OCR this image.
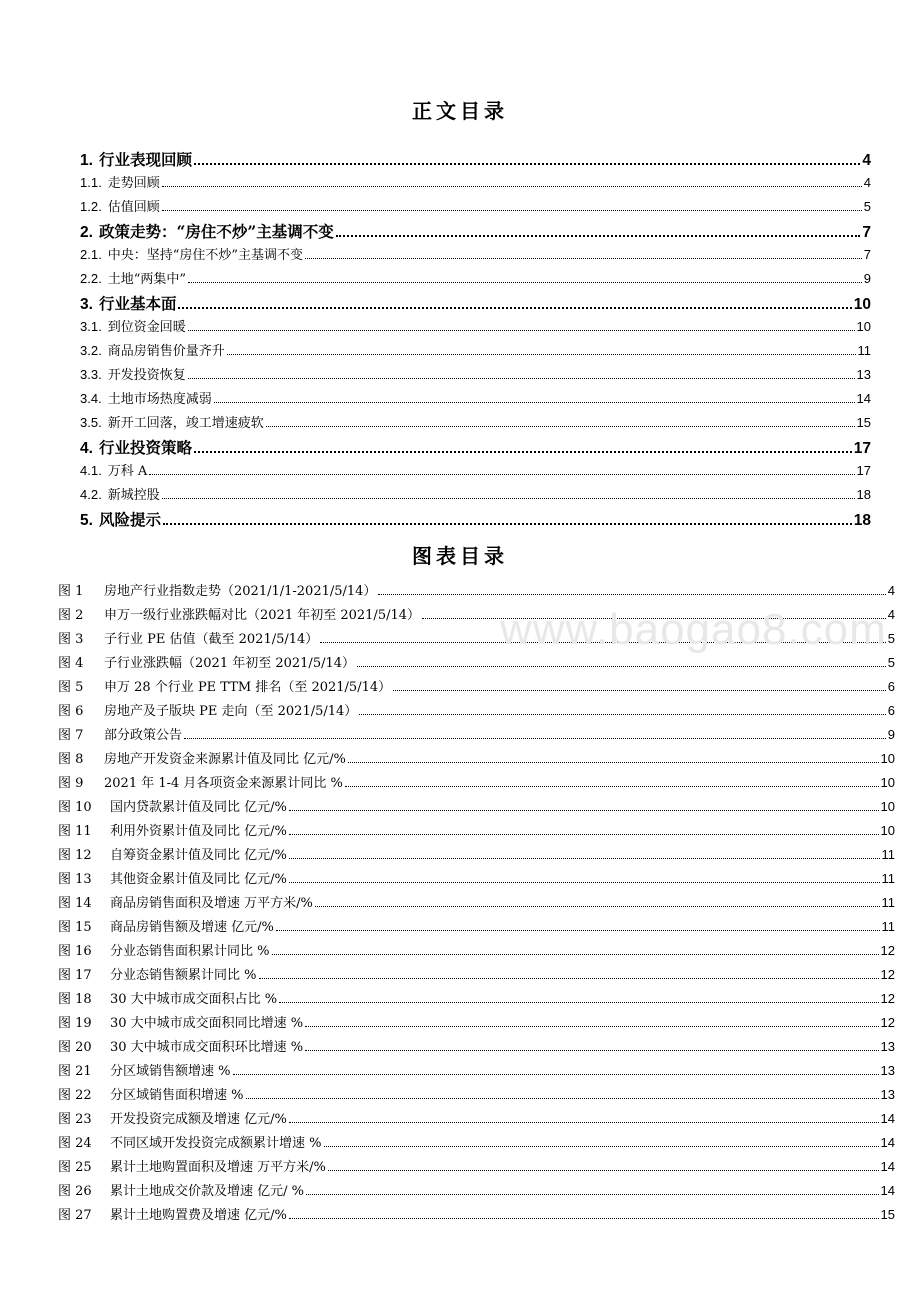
正文目录
1. 行业表现回顾	4
1.1. 走势回顾	4
1.2. 估值回顾	5
2. 政策走势：“房住不炒”主基调不变	7
2.1. 中央：坚持“房住不炒”主基调不变	7
2.2. 土地“两集中”	9
3. 行业基本面	10
3.1. 到位资金回暖	10
3.2. 商品房销售价量齐升	11
3.3. 开发投资恢复	13
3.4. 土地市场热度减弱	14
3.5. 新开工回落，竣工增速疲软	15
4. 行业投资策略	17
4.1. 万科 A	17
4.2. 新城控股	18
5. 风险提示	18
图表目录
图 1 房地产行业指数走势（2021/1/1-2021/5/14）	4
图 2 申万一级行业涨跌幅对比（2021 年初至 2021/5/14）	4
图 3 子行业 PE 估值（截至 2021/5/14）	5
图 4 子行业涨跌幅（2021 年初至 2021/5/14）	5
图 5 申万 28 个行业 PE TTM 排名（至 2021/5/14）	6
图 6 房地产及子版块 PE 走向（至 2021/5/14）	6
图 7 部分政策公告	9
图 8 房地产开发资金来源累计值及同比 亿元/%	10
图 9 2021 年 1-4 月各项资金来源累计同比 %	10
图 10 国内贷款累计值及同比 亿元/%	10
图 11 利用外资累计值及同比 亿元/%	10
图 12 自筹资金累计值及同比 亿元/%	11
图 13 其他资金累计值及同比 亿元/%	11
图 14 商品房销售面积及增速 万平方米/%	11
图 15 商品房销售额及增速 亿元/%	11
图 16 分业态销售面积累计同比 %	12
图 17 分业态销售额累计同比 %	12
图 18 30 大中城市成交面积占比 %	12
图 19 30 大中城市成交面积同比增速 %	12
图 20 30 大中城市成交面积环比增速 %	13
图 21 分区域销售额增速 %	13
图 22 分区域销售面积增速 %	13
图 23 开发投资完成额及增速 亿元/%	14
图 24 不同区域开发投资完成额累计增速 %	14
图 25 累计土地购置面积及增速 万平方米/%	14
图 26 累计土地成交价款及增速 亿元/ %	14
图 27 累计土地购置费及增速 亿元/%	15
www.baogao8.com
